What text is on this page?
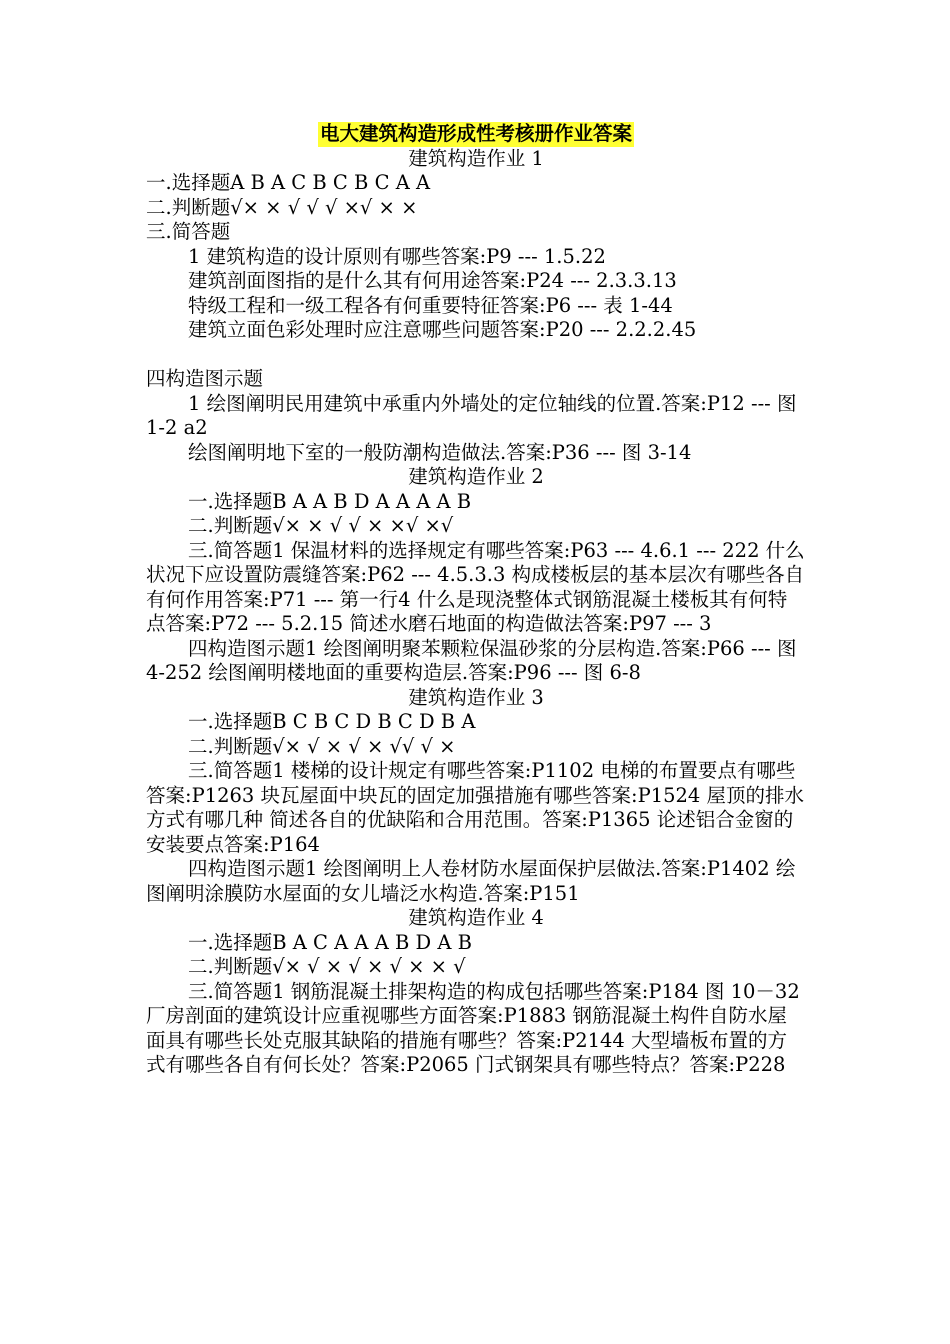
电大建筑构造形成性考核册作业答案

建筑构造作业 1

一.选择题A B A C B C B C A A

二.判断题√× × √ √ √ ×√ × ×

三.简答题

1 建筑构造的设计原则有哪些答案:P9 --- 1.5.22

建筑剖面图指的是什么其有何用途答案:P24 --- 2.3.3.13

特级工程和一级工程各有何重要特征答案:P6 --- 表 1-44

建筑立面色彩处理时应注意哪些问题答案:P20 --- 2.2.2.45

四构造图示题

1 绘图阐明民用建筑中承重内外墙处的定位轴线的位置.答案:P12 --- 图 1-2 a2

绘图阐明地下室的一般防潮构造做法.答案:P36 --- 图 3-14

建筑构造作业 2

一.选择题B A A B D A A A A B

二.判断题√× × √ √ × ×√ ×√

三.简答题1 保温材料的选择规定有哪些答案:P63 --- 4.6.1 --- 222 什么状况下应设置防震缝答案:P62 --- 4.5.3.3 构成楼板层的基本层次有哪些各自有何作用答案:P71 --- 第一行4 什么是现浇整体式钢筋混凝土楼板其有何特点答案:P72 --- 5.2.15 简述水磨石地面的构造做法答案:P97 --- 3

四构造图示题1 绘图阐明聚苯颗粒保温砂浆的分层构造.答案:P66 --- 图 4-252 绘图阐明楼地面的重要构造层.答案:P96 --- 图 6-8

建筑构造作业 3

一.选择题B C B C D B C D B A

二.判断题√× √ × √ × √√ √ ×

三.简答题1 楼梯的设计规定有哪些答案:P1102 电梯的布置要点有哪些答案:P1263 块瓦屋面中块瓦的固定加强措施有哪些答案:P1524 屋顶的排水方式有哪几种 简述各自的优缺陷和合用范围。答案:P1365 论述铝合金窗的安装要点答案:P164

四构造图示题1 绘图阐明上人卷材防水屋面保护层做法.答案:P1402 绘图阐明涂膜防水屋面的女儿墙泛水构造.答案:P151

建筑构造作业 4

一.选择题B A C A A A B D A B

二.判断题√× √ × √ × √ × × √

三.简答题1 钢筋混凝土排架构造的构成包括哪些答案:P184 图 10－32 厂房剖面的建筑设计应重视哪些方面答案:P1883 钢筋混凝土构件自防水屋面具有哪些长处克服其缺陷的措施有哪些？答案:P2144 大型墙板布置的方式有哪些各自有何长处？答案:P2065 门式钢架具有哪些特点？答案:P228
